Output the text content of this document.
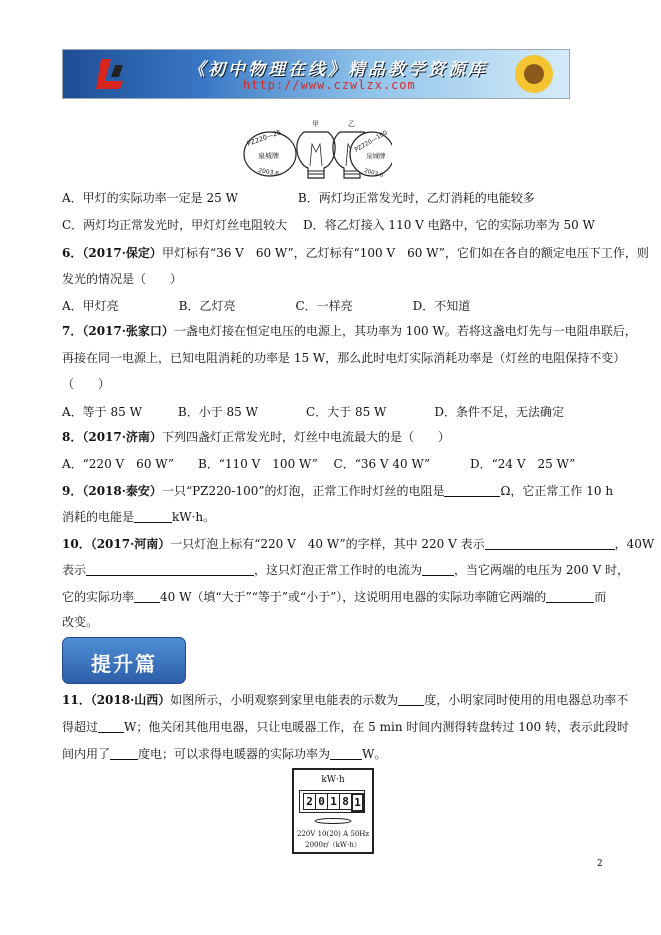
《初中物理在线》精品教学资源库
http://www.czwlzx.com
甲	乙
PZ220—25
泉城牌
2003.6
PZ220—100
泉城牌
2003.6
A．甲灯的实际功率一定是 25 W　　　　　B．两灯均正常发光时，乙灯消耗的电能较多
C．两灯均正常发光时，甲灯灯丝电阻较大　 D．将乙灯接入 110 V 电路中，它的实际功率为 50 W
6．（2017·保定）甲灯标有“36 V　60 W”，乙灯标有“100 V　60 W”，它们如在各自的额定电压下工作，则
发光的情况是（　　）
A．甲灯亮　　　　　B．乙灯亮　　　　　C．一样亮　　　　　D．不知道
7．（2017·张家口）一盏电灯接在恒定电压的电源上，其功率为 100 W。若将这盏电灯先与一电阻串联后，
再接在同一电源上，已知电阻消耗的功率是 15 W，那么此时电灯实际消耗功率是（灯丝的电阻保持不变）
（　　）
A．等于 85 W　　　B．小于 85 W　　　　C．大于 85 W　　　　D．条件不足，无法确定
8．（2017·济南）下列四盏灯正常发光时，灯丝中电流最大的是（　　）
A．“220 V　60 W”　　B．“110 V　100 W”　 C．“36 V 40 W”　　　 D．“24 V　25 W”
9．（2018·泰安）一只“PZ220-100”的灯泡，正常工作时灯丝的电阻是	Ω，它正常工作 10 h
消耗的电能是	kW·h。
10．（2017·河南）一只灯泡上标有“220 V　40 W”的字样，其中 220 V 表示	，40W
表示	，这只灯泡正常工作时的电流为	，当它两端的电压为 200 V 时，
它的实际功率 40 W（填“大于”“等于”或“小于”），这说明用电器的实际功率随它两端的	而
改变。
提升篇
11．（2018·山西）如图所示，小明观察到家里电能表的示数为 度，小明家同时使用的用电器总功率不
得超过 W；他关闭其他用电器，只让电暖器工作，在 5 min 时间内测得转盘转过 100 转，表示此段时
间内用了 度电；可以求得电暖器的实际功率为	W。
kW·h
2 0 1 8 1
220V 10(20) A 50Hz
2000r/（kW·h）
2
